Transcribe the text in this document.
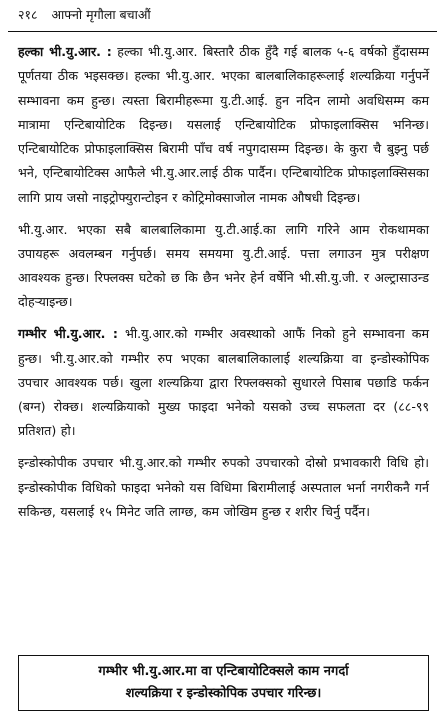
२१८ आफ्नो मृगौला बचाऔं

हल्का भी.यु.आर. : हल्का भी.यु.आर. बिस्तारै ठीक हुँदै गई बालक ५-६ वर्षको हुँदासम्म पूर्णतया ठीक भइसक्छ। हल्का भी.यु.आर. भएका बालबालिकाहरूलाई शल्यक्रिया गर्नुपर्ने सम्भावना कम हुन्छ। त्यस्ता बिरामीहरूमा यु.टी.आई. हुन नदिन लामो अवधिसम्म कम मात्रामा एन्टिबायोटिक दिइन्छ। यसलाई एन्टिबायोटिक प्रोफाइलाक्सिस भनिन्छ। एन्टिबायोटिक प्रोफाइलाक्सिस बिरामी पाँच वर्ष नपुगदासम्म दिइन्छ। के कुरा चै बुझ्नु पर्छ भने, एन्टिबायोटिक्स आफैले भी.यु.आर.लाई ठीक पार्दैन। एन्टिबायोटिक प्रोफाइलाक्सिसका लागि प्राय जसो नाइट्रोफ्युरान्टोइन र कोट्रिमोक्साजोल नामक औषधी दिइन्छ।

भी.यु.आर. भएका सबै बालबालिकामा यु.टी.आई.का लागि गरिने आम रोकथामका उपायहरू अवलम्बन गर्नुपर्छ। समय समयमा यु.टी.आई. पत्ता लगाउन मुत्र परीक्षण आवश्यक हुन्छ। रिफ्लक्स घटेको छ कि छैन भनेर हेर्न वर्षेनि भी.सी.यु.जी. र अल्ट्रासाउन्ड दोहऱ्याइन्छ।

गम्भीर भी.यु.आर. : भी.यु.आर.को गम्भीर अवस्थाको आफैं निको हुने सम्भावना कम हुन्छ। भी.यु.आर.को गम्भीर रुप भएका बालबालिकालाई शल्यक्रिया वा इन्डोस्कोपिक उपचार आवश्यक पर्छ। खुला शल्यक्रिया द्वारा रिफ्लक्सको सुधारले पिसाब पछाडि फर्कन (बग्न) रोक्छ। शल्यक्रियाको मुख्य फाइदा भनेको यसको उच्च सफलता दर (८८-९९ प्रतिशत) हो।

इन्डोस्कोपीक उपचार भी.यु.आर.को गम्भीर रुपको उपचारको दोस्रो प्रभावकारी विधि हो। इन्डोस्कोपीक विधिको फाइदा भनेको यस विधिमा बिरामीलाई अस्पताल भर्ना नगरीकनै गर्न सकिन्छ, यसलाई १५ मिनेट जति लाग्छ, कम जोखिम हुन्छ र शरीर चिर्नु पर्दैन।

गम्भीर भी.यु.आर.मा वा एन्टिबायोटिक्सले काम नगर्दा
शल्यक्रिया र इन्डोस्कोपिक उपचार गरिन्छ।
